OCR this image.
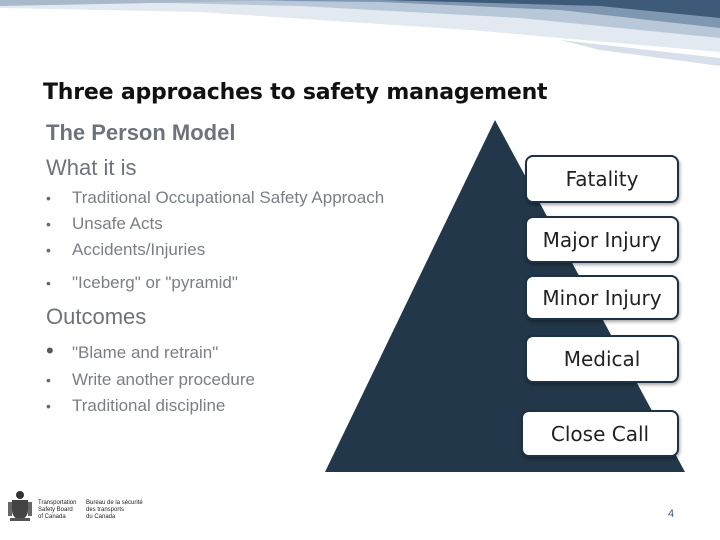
Three approaches to safety management
The Person Model
What it is
• Traditional Occupational Safety Approach
• Unsafe Acts
• Accidents/Injuries
• "Iceberg" or "pyramid"
Outcomes
• "Blame and retrain"
• Write another procedure
• Traditional discipline
Fatality
Major Injury
Minor Injury
Medical
Close Call
Transportation
Safety Board
of Canada
Bureau de la sécurité
des transports
du Canada	4
